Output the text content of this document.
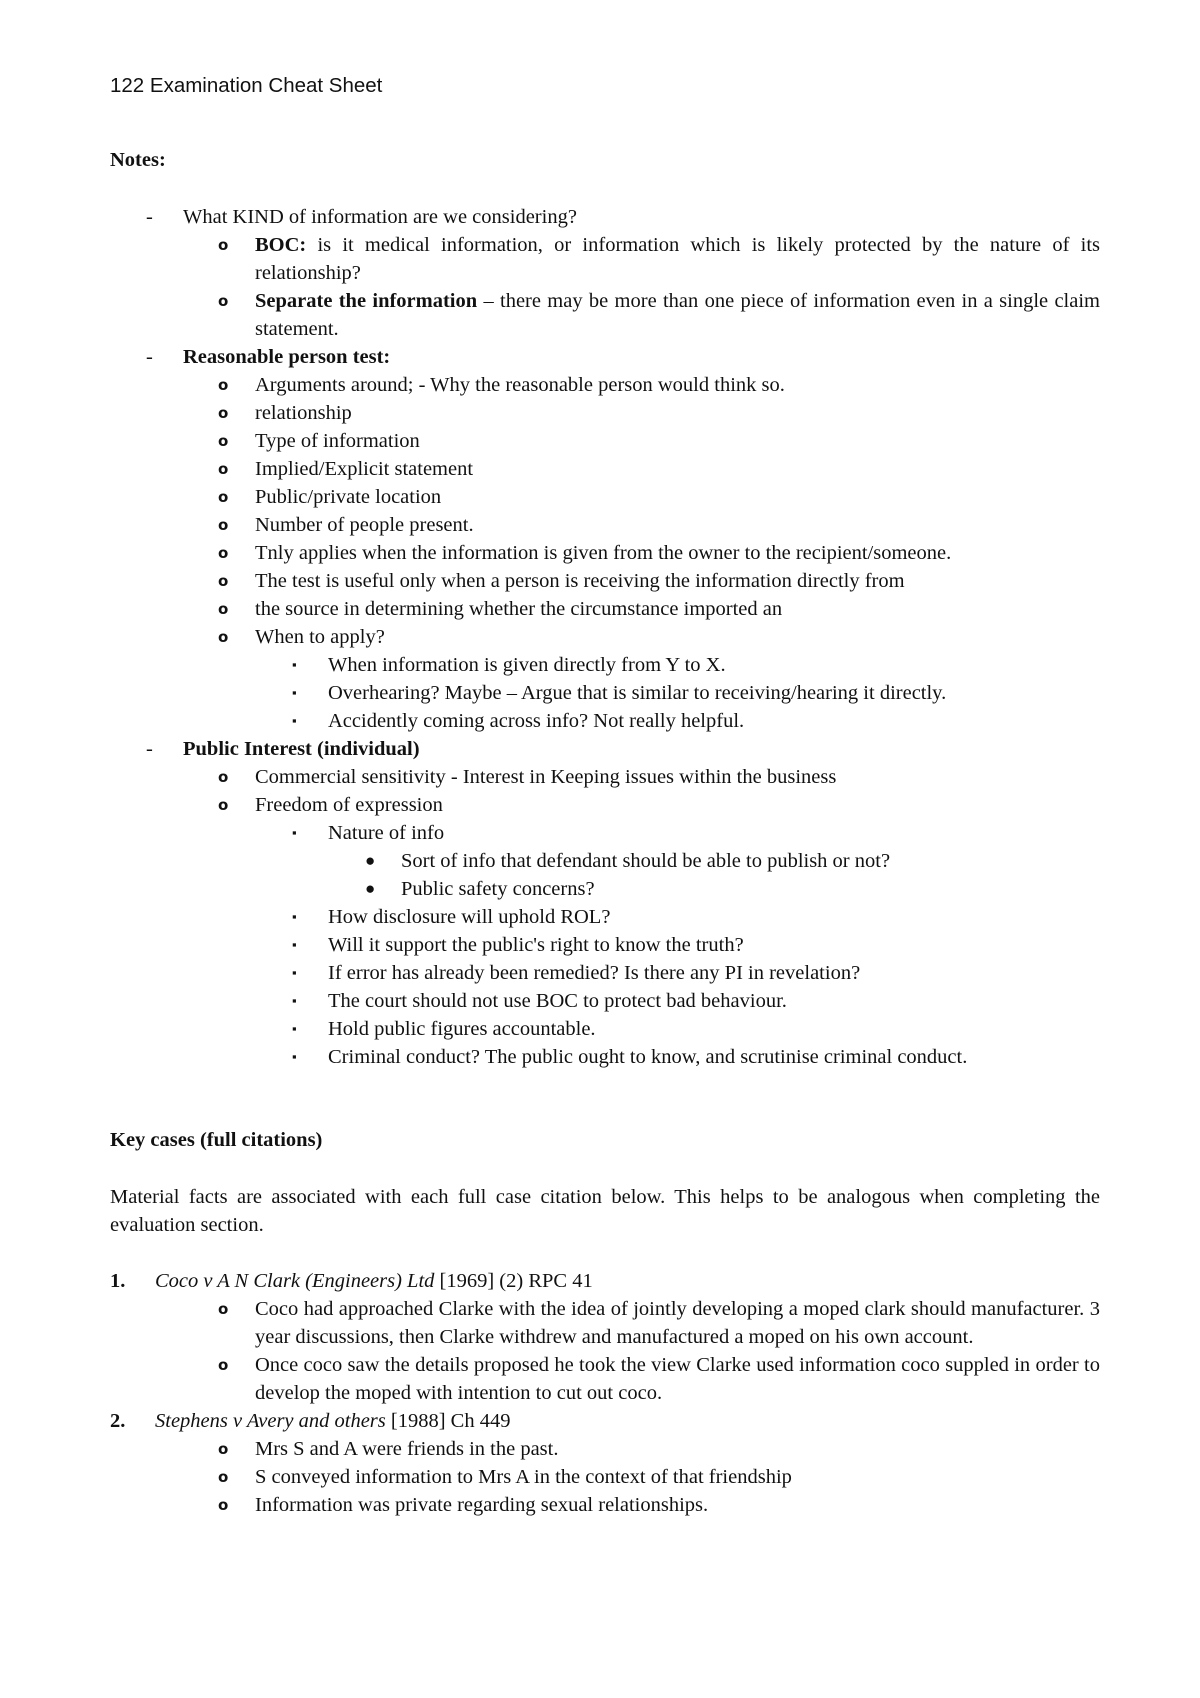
122 Examination Cheat Sheet
Notes:
- What KIND of information are we considering?
o BOC: is it medical information, or information which is likely protected by the nature of its relationship?
o Separate the information – there may be more than one piece of information even in a single claim statement.
- Reasonable person test:
o Arguments around; - Why the reasonable person would think so.
o relationship
o Type of information
o Implied/Explicit statement
o Public/private location
o Number of people present.
o Tnly applies when the information is given from the owner to the recipient/someone.
o The test is useful only when a person is receiving the information directly from
o the source in determining whether the circumstance imported an
o When to apply?
▪ When information is given directly from Y to X.
▪ Overhearing? Maybe – Argue that is similar to receiving/hearing it directly.
▪ Accidently coming across info? Not really helpful.
- Public Interest (individual)
o Commercial sensitivity - Interest in Keeping issues within the business
o Freedom of expression
▪ Nature of info
● Sort of info that defendant should be able to publish or not?
● Public safety concerns?
▪ How disclosure will uphold ROL?
▪ Will it support the public's right to know the truth?
▪ If error has already been remedied? Is there any PI in revelation?
▪ The court should not use BOC to protect bad behaviour.
▪ Hold public figures accountable.
▪ Criminal conduct? The public ought to know, and scrutinise criminal conduct.
Key cases (full citations)

Material facts are associated with each full case citation below. This helps to be analogous when completing the evaluation section.

1. Coco v A N Clark (Engineers) Ltd [1969] (2) RPC 41
o Coco had approached Clarke with the idea of jointly developing a moped clark should manufacturer. 3 year discussions, then Clarke withdrew and manufactured a moped on his own account.
o Once coco saw the details proposed he took the view Clarke used information coco suppled in order to develop the moped with intention to cut out coco.
2. Stephens v Avery and others [1988] Ch 449
o Mrs S and A were friends in the past.
o S conveyed information to Mrs A in the context of that friendship
o Information was private regarding sexual relationships.
